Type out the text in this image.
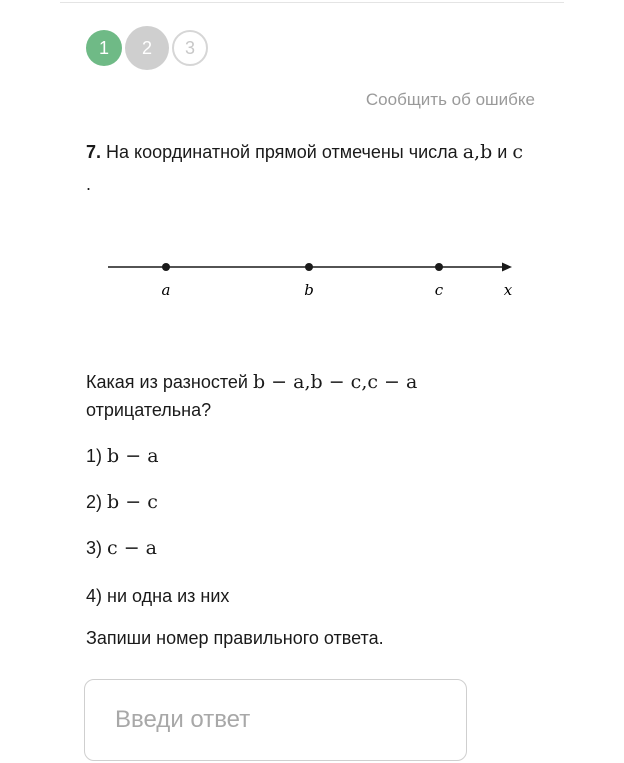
1	2	3
Сообщить об ошибке
7. На координатной прямой отмечены числа a,b и c
.
a	b	c	x
Какая из разностей b − a,b − c,c − a
отрицательна?
1) b − a
2) b − c
3) c − a
4) ни одна из них
Запиши номер правильного ответа.
Введи ответ
